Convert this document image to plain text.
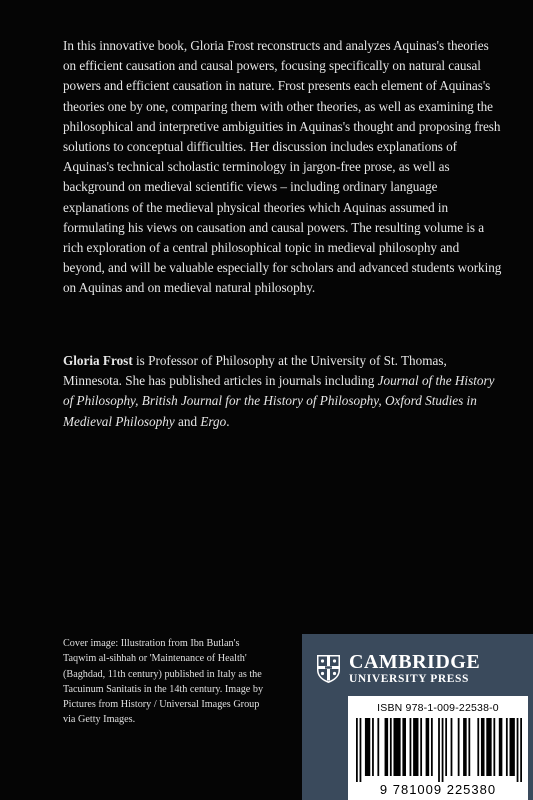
In this innovative book, Gloria Frost reconstructs and analyzes Aquinas's theories on efficient causation and causal powers, focusing specifically on natural causal powers and efficient causation in nature. Frost presents each element of Aquinas's theories one by one, comparing them with other theories, as well as examining the philosophical and interpretive ambiguities in Aquinas's thought and proposing fresh solutions to conceptual difficulties. Her discussion includes explanations of Aquinas's technical scholastic terminology in jargon-free prose, as well as background on medieval scientific views – including ordinary language explanations of the medieval physical theories which Aquinas assumed in formulating his views on causation and causal powers. The resulting volume is a rich exploration of a central philosophical topic in medieval philosophy and beyond, and will be valuable especially for scholars and advanced students working on Aquinas and on medieval natural philosophy.

Gloria Frost is Professor of Philosophy at the University of St. Thomas, Minnesota. She has published articles in journals including Journal of the History of Philosophy, British Journal for the History of Philosophy, Oxford Studies in Medieval Philosophy and Ergo.

Cover image: Illustration from Ibn Butlan's Taqwim al-sihhah or 'Maintenance of Health' (Baghdad, 11th century) published in Italy as the Tacuinum Sanitatis in the 14th century. Image by Pictures from History / Universal Images Group via Getty Images.
CAMBRIDGE
UNIVERSITY PRESS
ISBN 978-1-009-22538-0
9 781009 225380
